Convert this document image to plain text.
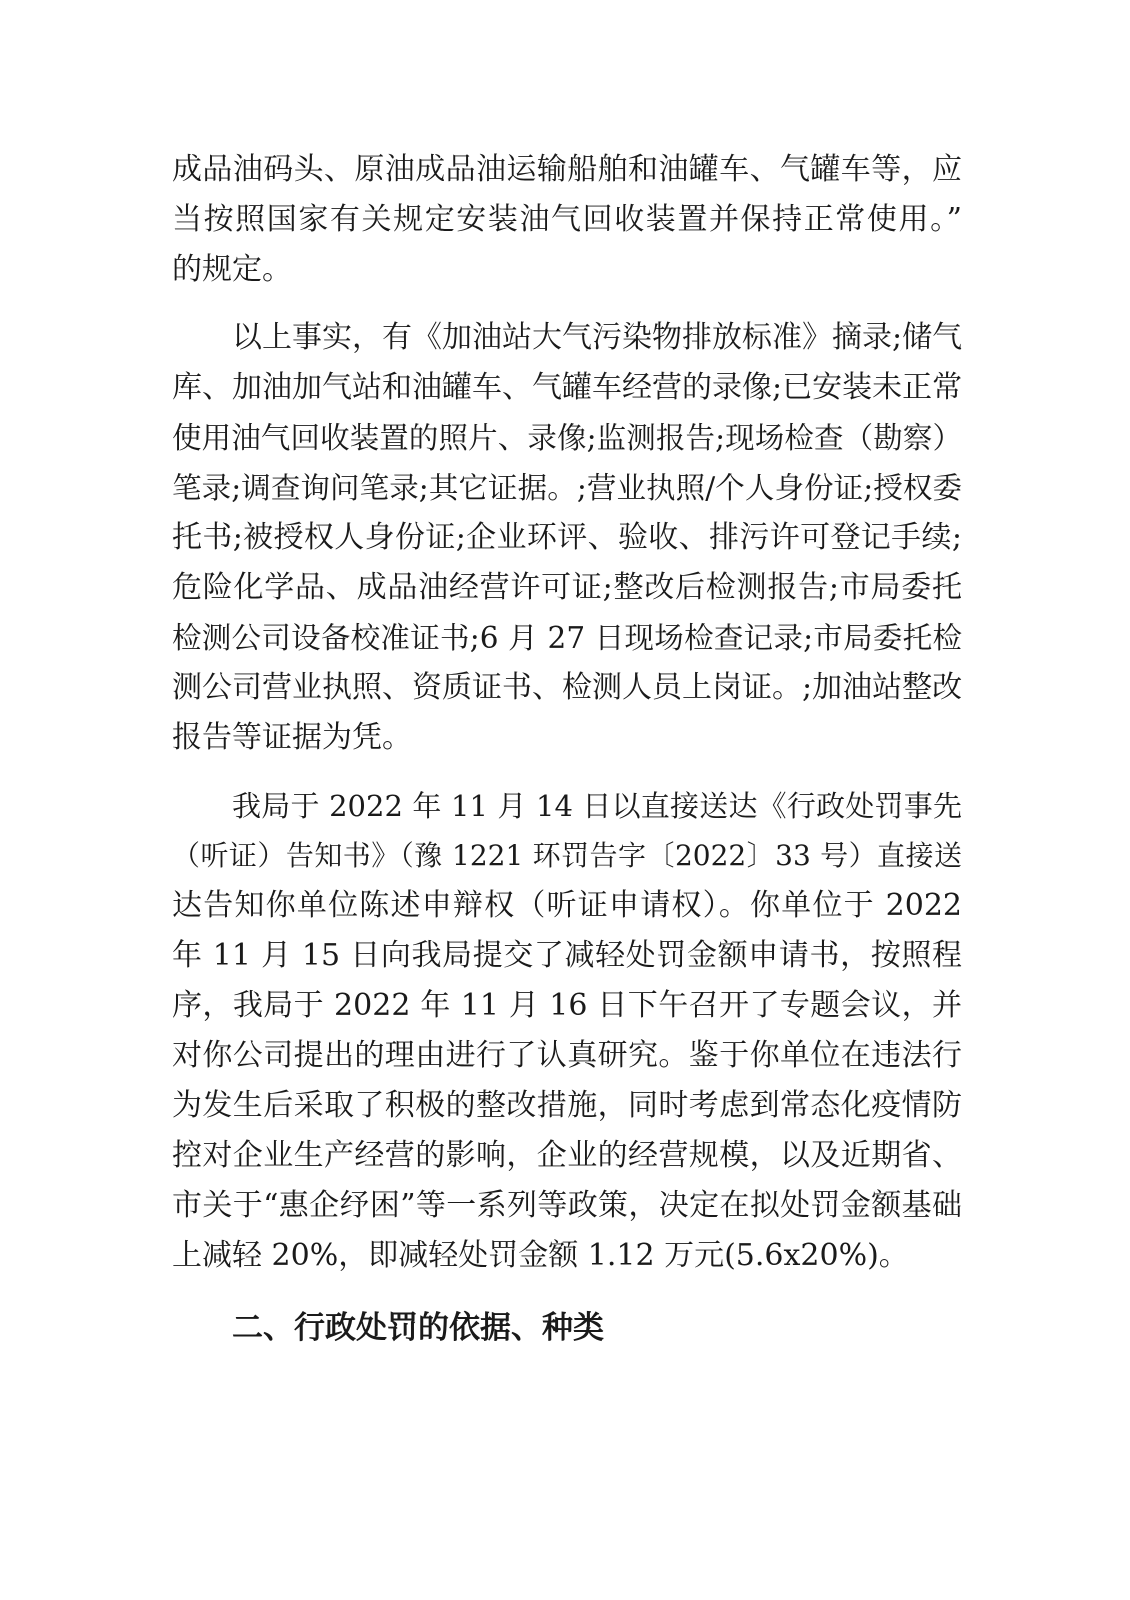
成品油码头、原油成品油运输船舶和油罐车、气罐车等，应
当按照国家有关规定安装油气回收装置并保持正常使用。”
的规定。
以上事实，有《加油站大气污染物排放标准》摘录;储气
库、加油加气站和油罐车、气罐车经营的录像;已安装未正常
使用油气回收装置的照片、录像;监测报告;现场检查（勘察）
笔录;调查询问笔录;其它证据。;营业执照/个人身份证;授权委
托书;被授权人身份证;企业环评、验收、排污许可登记手续;
危险化学品、成品油经营许可证;整改后检测报告;市局委托
检测公司设备校准证书;6 月 27 日现场检查记录;市局委托检
测公司营业执照、资质证书、检测人员上岗证。;加油站整改
报告等证据为凭。
我局于 2022 年 11 月 14 日以直接送达《行政处罚事先
（听证）告知书》（豫 1221 环罚告字〔2022〕33 号）直接送
达告知你单位陈述申辩权（听证申请权）。你单位于 2022
年 11 月 15 日向我局提交了减轻处罚金额申请书，按照程
序，我局于 2022 年 11 月 16 日下午召开了专题会议，并
对你公司提出的理由进行了认真研究。鉴于你单位在违法行
为发生后采取了积极的整改措施，同时考虑到常态化疫情防
控对企业生产经营的影响，企业的经营规模，以及近期省、
市关于“惠企纾困”等一系列等政策，决定在拟处罚金额基础
上减轻 20%，即减轻处罚金额 1.12 万元(5.6x20%)。
二、行政处罚的依据、种类
